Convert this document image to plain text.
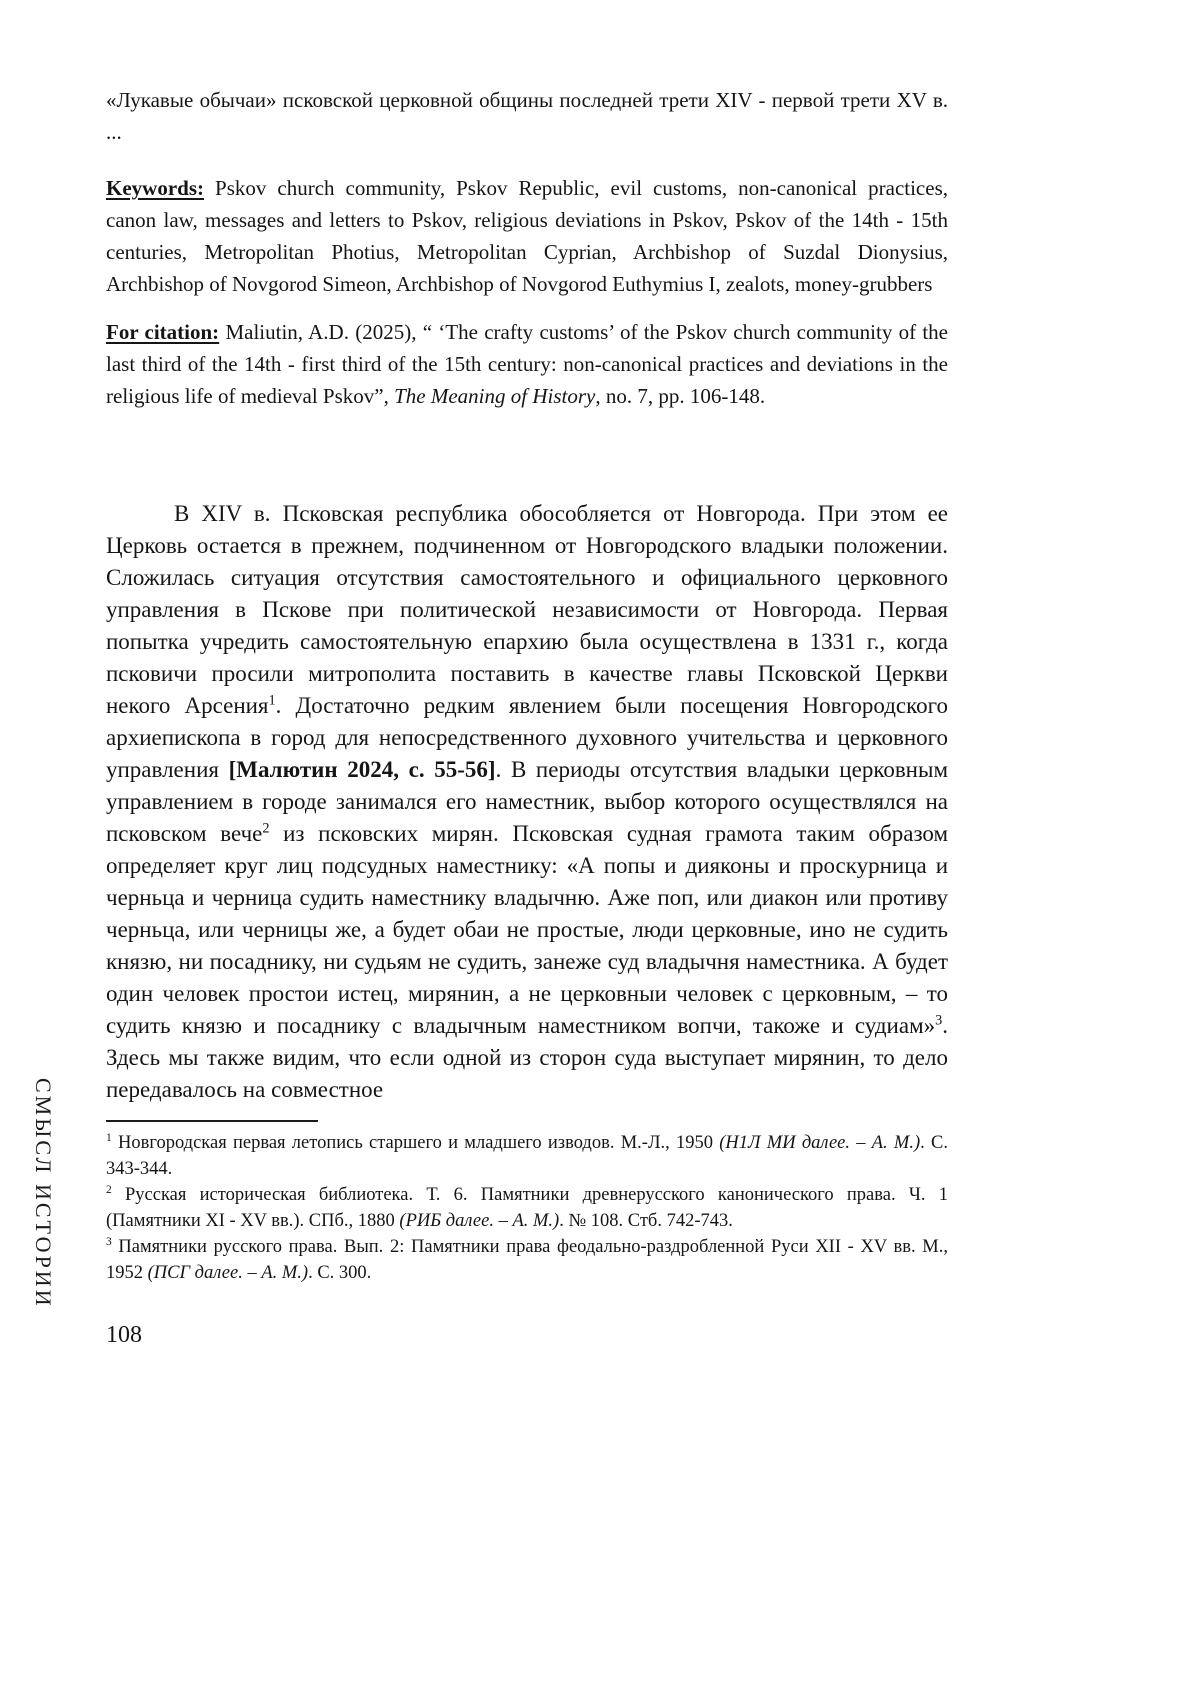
СМЫСЛ ИСТОРИИ

«Лукавые обычаи» псковской церковной общины последней трети XIV - первой трети XV в. ...

Keywords: Pskov church community, Pskov Republic, evil customs, non-canonical practices, canon law, messages and letters to Pskov, religious deviations in Pskov, Pskov of the 14th - 15th centuries, Metropolitan Photius, Metropolitan Cyprian, Archbishop of Suzdal Dionysius, Archbishop of Novgorod Simeon, Archbishop of Novgorod Euthymius I, zealots, money-grubbers

For citation: Maliutin, A.D. (2025), “ ‘The crafty customs’ of the Pskov church community of the last third of the 14th - first third of the 15th century: non-canonical practices and deviations in the religious life of medieval Pskov”, The Meaning of History, no. 7, pp. 106-148.

В XIV в. Псковская республика обособляется от Новгорода. При этом ее Церковь остается в прежнем, подчиненном от Новгородского владыки положении. Сложилась ситуация отсутствия самостоятельного и официального церковного управления в Пскове при политической независимости от Новгорода. Первая попытка учредить самостоятельную епархию была осуществлена в 1331 г., когда псковичи просили митрополита поставить в качестве главы Псковской Церкви некого Арсения$^1$. Достаточно редким явлением были посещения Новгородского архиепископа в город для непосредственного духовного учительства и церковного управления [Малютин 2024, с. 55-56]. В периоды отсутствия владыки церковным управлением в городе занимался его наместник, выбор которого осуществлялся на псковском вече$^2$ из псковских мирян. Псковская судная грамота таким образом определяет круг лиц подсудных наместнику: «А попы и дияконы и проскурница и черньца и черница судить наместнику владычню. Аже поп, или диакон или противу черньца, или черницы же, а будет обаи не простые, люди церковные, ино не судить князю, ни посаднику, ни судьям не судить, занеже суд владычня наместника. А будет один человек простои истец, мирянин, а не церковныи человек с церковным, – то судить князю и посаднику с владычным наместником вопчи, такоже и судиам»$^3$. Здесь мы также видим, что если одной из сторон суда выступает мирянин, то дело передавалось на совместное

$^1$ Новгородская первая летопись старшего и младшего изводов. М.-Л., 1950 (Н1Л МИ далее. – А. М.). С. 343-344.

$^2$ Русская историческая библиотека. Т. 6. Памятники древнерусского канонического права. Ч. 1 (Памятники XI - XV вв.). СПб., 1880 (РИБ далее. – А. М.). № 108. Стб. 742-743.

$^3$ Памятники русского права. Вып. 2: Памятники права феодально-раздробленной Руси XII - XV вв. М., 1952 (ПСГ далее. – А. М.). С. 300.

108
